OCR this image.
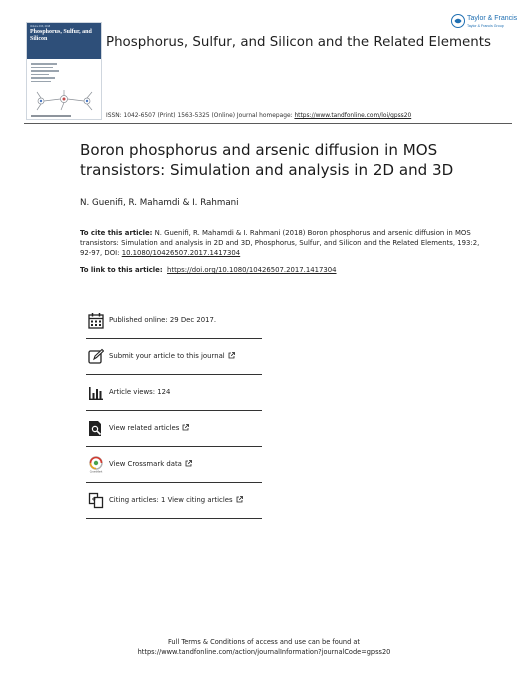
Volume 193, 2018
Phosphorus, Sulfur, and Silicon	Phosphorus, Sulfur, and Silicon and the Related Elements
Taylor & Francis
Taylor & Francis Group
ISSN: 1042-6507 (Print) 1563-5325 (Online) Journal homepage: https://www.tandfonline.com/loi/gpss20
Boron phosphorus and arsenic diffusion in MOS transistors: Simulation and analysis in 2D and 3D
N. Guenifi, R. Mahamdi & I. Rahmani
To cite this article: N. Guenifi, R. Mahamdi & I. Rahmani (2018) Boron phosphorus and arsenic diffusion in MOS transistors: Simulation and analysis in 2D and 3D, Phosphorus, Sulfur, and Silicon and the Related Elements, 193:2, 92-97, DOI: 10.1080/10426507.2017.1417304
To link to this article: https://doi.org/10.1080/10426507.2017.1417304
Published online: 29 Dec 2017.
Submit your article to this journal
Article views: 124
View related articles
CrossMark
View Crossmark data
Citing articles: 1 View citing articles
Full Terms & Conditions of access and use can be found at
https://www.tandfonline.com/action/journalInformation?journalCode=gpss20
